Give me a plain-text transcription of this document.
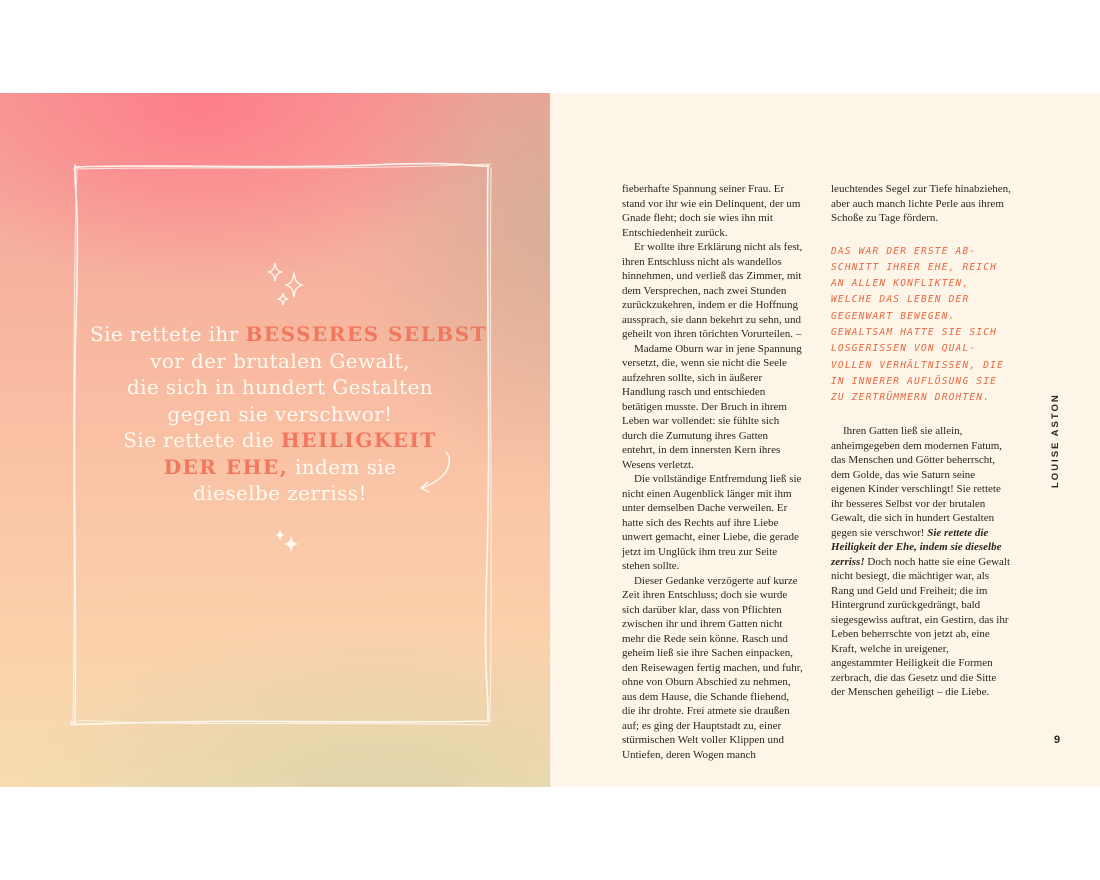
Sie rettete ihr BESSERES SELBST
vor der brutalen Gewalt,
die sich in hundert Gestalten
gegen sie verschwor!
Sie rettete die HEILIGKEIT
DER EHE, indem sie
dieselbe zerriss!

fieberhafte Spannung seiner Frau. Er stand vor ihr wie ein Delinquent, der um Gnade fleht; doch sie wies ihn mit Entschiedenheit zurück.

Er wollte ihre Erklärung nicht als fest, ihren Entschluss nicht als wandellos hinnehmen, und verließ das Zimmer, mit dem Versprechen, nach zwei Stunden zurückzukehren, indem er die Hoffnung aussprach, sie dann bekehrt zu sehn, und geheilt von ihren törichten Vorurteilen. –

Madame Oburn war in jene Spannung versetzt, die, wenn sie nicht die Seele aufzehren sollte, sich in äußerer Handlung rasch und entschieden betätigen musste. Der Bruch in ihrem Leben war vollendet: sie fühlte sich durch die Zumutung ihres Gatten entehrt, in dem innersten Kern ihres Wesens verletzt.

Die vollständige Entfremdung ließ sie nicht einen Augenblick länger mit ihm unter demselben Dache verweilen. Er hatte sich des Rechts auf ihre Liebe unwert gemacht, einer Liebe, die gerade jetzt im Unglück ihm treu zur Seite stehen sollte.

Dieser Gedanke verzögerte auf kurze Zeit ihren Entschluss; doch sie wurde sich darüber klar, dass von Pflichten zwischen ihr und ihrem Gatten nicht mehr die Rede sein könne. Rasch und geheim ließ sie ihre Sachen einpacken, den Reisewagen fertig machen, und fuhr, ohne von Oburn Abschied zu nehmen, aus dem Hause, die Schande fliehend, die ihr drohte. Frei atmete sie draußen auf; es ging der Hauptstadt zu, einer stürmischen Welt voller Klippen und Untiefen, deren Wogen manch

leuchtendes Segel zur Tiefe hinabziehen, aber auch manch lichte Perle aus ihrem Schoße zu Tage fördern.

DAS WAR DER ERSTE AB-
SCHNITT IHRER EHE, REICH
AN ALLEN KONFLIKTEN,
WELCHE DAS LEBEN DER
GEGENWART BEWEGEN.
GEWALTSAM HATTE SIE SICH
LOSGERISSEN VON QUAL-
VOLLEN VERHÄLTNISSEN, DIE
IN INNERER AUFLÖSUNG SIE
ZU ZERTRÜMMERN DROHTEN.

Ihren Gatten ließ sie allein, anheimgegeben dem modernen Fatum, das Menschen und Götter beherrscht, dem Golde, das wie Saturn seine eigenen Kinder verschlingt! Sie rettete ihr besseres Selbst vor der brutalen Gewalt, die sich in hundert Gestalten gegen sie verschwor! Sie rettete die Heiligkeit der Ehe, indem sie dieselbe zerriss! Doch noch hatte sie eine Gewalt nicht besiegt, die mächtiger war, als Rang und Geld und Freiheit; die im Hintergrund zurückgedrängt, bald siegesgewiss auftrat, ein Gestirn, das ihr Leben beherrschte von jetzt ab, eine Kraft, welche in ureigener, angestammter Heiligkeit die Formen zerbrach, die das Gesetz und die Sitte der Menschen geheiligt – die Liebe.

LOUISE ASTON
9
